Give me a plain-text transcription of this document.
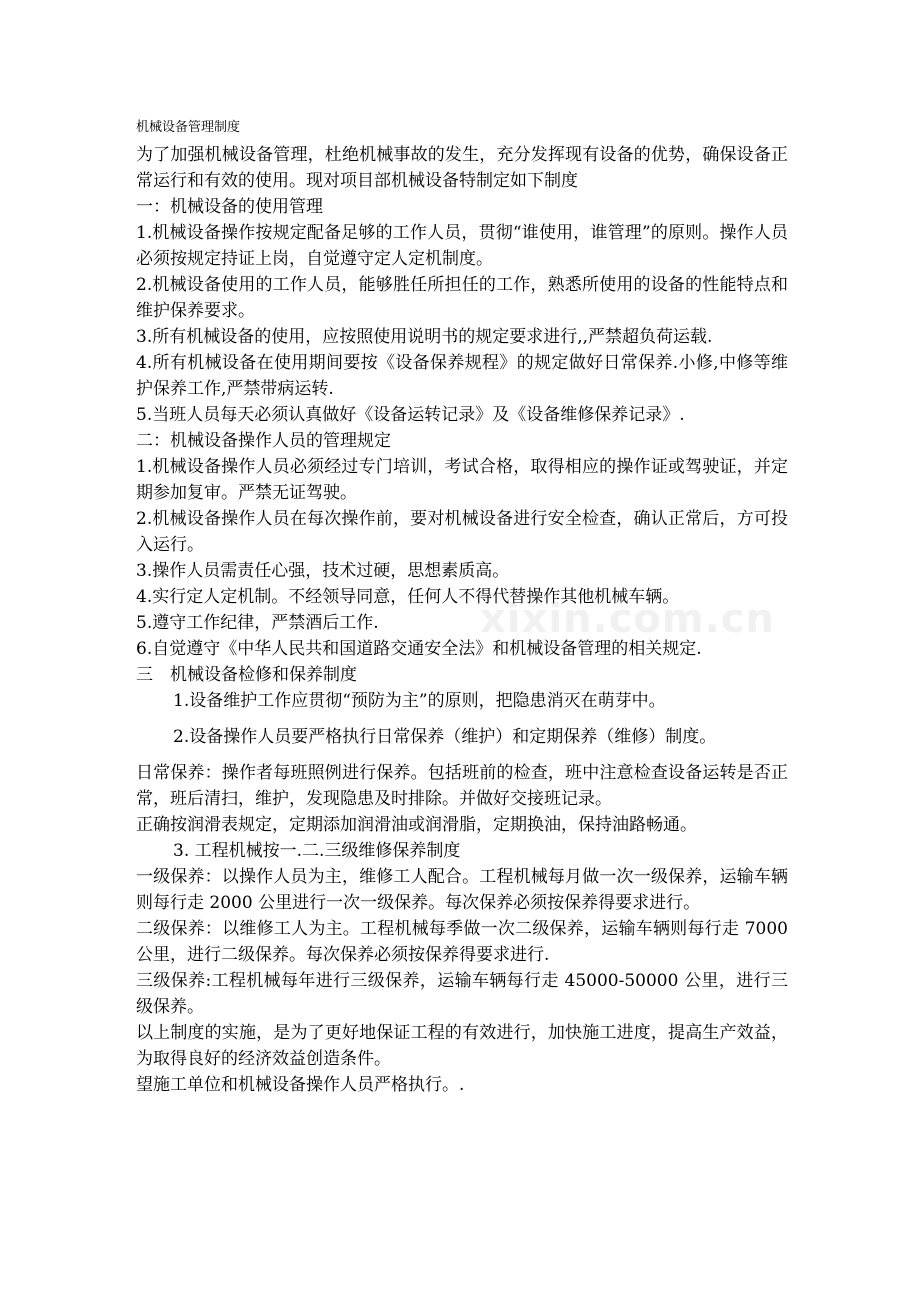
机械设备管理制度

为了加强机械设备管理，杜绝机械事故的发生，充分发挥现有设备的优势，确保设备正常运行和有效的使用。现对项目部机械设备特制定如下制度

一：机械设备的使用管理

1.机械设备操作按规定配备足够的工作人员，贯彻“谁使用，谁管理”的原则。操作人员必须按规定持证上岗，自觉遵守定人定机制度。

2.机械设备使用的工作人员，能够胜任所担任的工作，熟悉所使用的设备的性能特点和维护保养要求。

3.所有机械设备的使用，应按照使用说明书的规定要求进行,,严禁超负荷运载.

4.所有机械设备在使用期间要按《设备保养规程》的规定做好日常保养.小修,中修等维护保养工作,严禁带病运转.

5.当班人员每天必须认真做好《设备运转记录》及《设备维修保养记录》.

二：机械设备操作人员的管理规定

1.机械设备操作人员必须经过专门培训，考试合格，取得相应的操作证或驾驶证，并定期参加复审。严禁无证驾驶。

2.机械设备操作人员在每次操作前，要对机械设备进行安全检查，确认正常后，方可投入运行。

3.操作人员需责任心强，技术过硬，思想素质高。

4.实行定人定机制。不经领导同意，任何人不得代替操作其他机械车辆。

5.遵守工作纪律，严禁酒后工作.

6.自觉遵守《中华人民共和国道路交通安全法》和机械设备管理的相关规定.

三　机械设备检修和保养制度

1.设备维护工作应贯彻“预防为主”的原则，把隐患消灭在萌芽中。

2.设备操作人员要严格执行日常保养（维护）和定期保养（维修）制度。

日常保养：操作者每班照例进行保养。包括班前的检查，班中注意检查设备运转是否正常，班后清扫，维护，发现隐患及时排除。并做好交接班记录。

正确按润滑表规定，定期添加润滑油或润滑脂，定期换油，保持油路畅通。

3. 工程机械按一.二.三级维修保养制度

一级保养：以操作人员为主，维修工人配合。工程机械每月做一次一级保养，运输车辆则每行走 2000 公里进行一次一级保养。每次保养必须按保养得要求进行。

二级保养：以维修工人为主。工程机械每季做一次二级保养，运输车辆则每行走 7000 公里，进行二级保养。每次保养必须按保养得要求进行.

三级保养:工程机械每年进行三级保养，运输车辆每行走 45000-50000 公里，进行三级保养。

以上制度的实施，是为了更好地保证工程的有效进行，加快施工进度，提高生产效益，为取得良好的经济效益创造条件。

望施工单位和机械设备操作人员严格执行。.

xixin.com.cn
